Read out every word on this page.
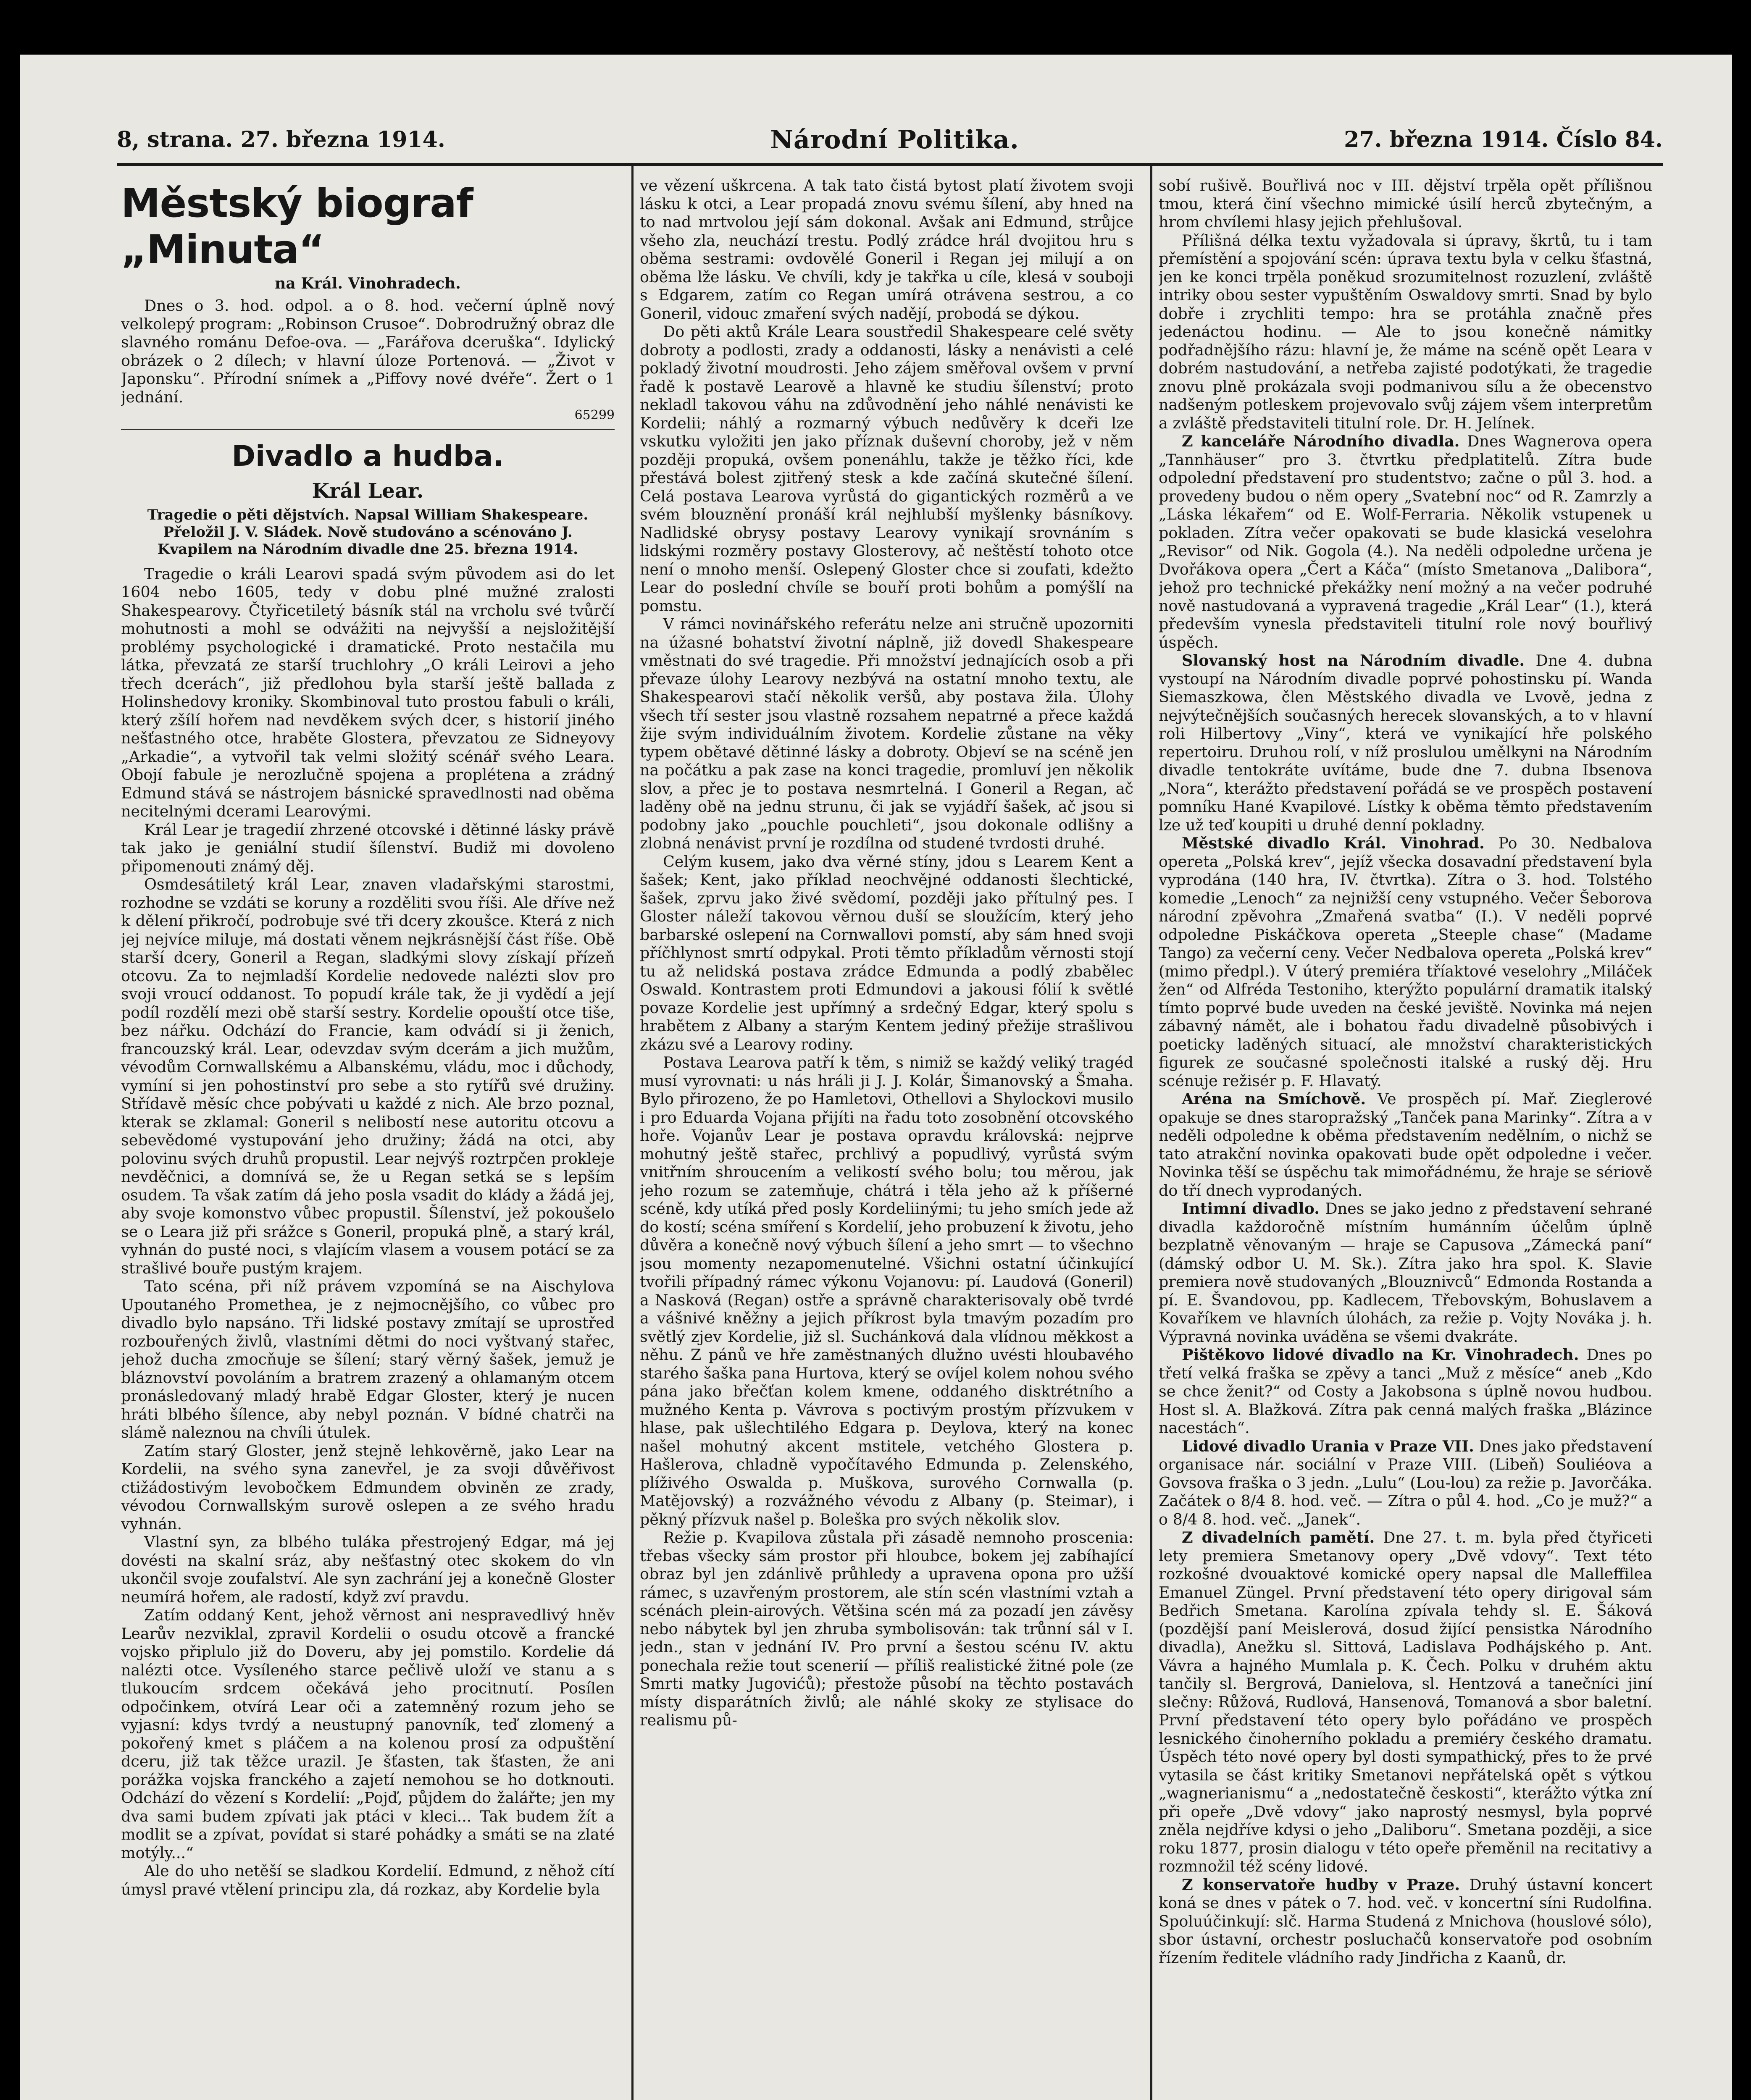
8, strana. 27. března 1914.	Národní Politika.	27. března 1914. Číslo 84.
Městský biograf „Minuta“
na Král. Vinohradech.

Dnes o 3. hod. odpol. a o 8. hod. večerní úplně nový velkolepý program: „Robinson Crusoe“. Dobrodružný obraz dle slavného románu Defoe-ova. — „Farářova dceruška“. Idylický obrázek o 2 dílech; v hlavní úloze Portenová. — „Život v Japonsku“. Přírodní snímek a „Piffovy nové dvéře“. Žert o 1 jednání.

65299
Divadlo a hudba.
Král Lear.
Tragedie o pěti dějstvích. Napsal William Shakespeare. Přeložil J. V. Sládek. Nově studováno a scénováno J. Kvapilem na Národním divadle dne 25. března 1914.

Tragedie o králi Learovi spadá svým původem asi do let 1604 nebo 1605, tedy v dobu plné mužné zralosti Shakespearovy. Čtyřicetiletý básník stál na vrcholu své tvůrčí mohutnosti a mohl se odvážiti na nejvyšší a nejsložitější problémy psychologické i dramatické. Proto nestačila mu látka, převzatá ze starší truchlohry „O králi Leirovi a jeho třech dcerách“, již předlohou byla starší ještě ballada z Holinshedovy kroniky. Skombinoval tuto prostou fabuli o králi, který zšílí hořem nad nevděkem svých dcer, s historií jiného nešťastného otce, hraběte Glostera, převzatou ze Sidneyovy „Arkadie“, a vytvořil tak velmi složitý scénář svého Leara. Obojí fabule je nerozlučně spojena a proplétena a zrádný Edmund stává se nástrojem básnické spravedlnosti nad oběma necitelnými dcerami Learovými.

Král Lear je tragedií zhrzené otcovské i dětinné lásky právě tak jako je geniální studií šílenství. Budiž mi dovoleno připomenouti známý děj.

Osmdesátiletý král Lear, znaven vladařskými starostmi, rozhodne se vzdáti se koruny a rozděliti svou říši. Ale dříve než k dělení přikročí, podrobuje své tři dcery zkoušce. Která z nich jej nejvíce miluje, má dostati věnem nejkrásnější část říše. Obě starší dcery, Goneril a Regan, sladkými slovy získají přízeň otcovu. Za to nejmladší Kordelie nedovede nalézti slov pro svoji vroucí oddanost. To popudí krále tak, že ji vydědí a její podíl rozdělí mezi obě starší sestry. Kordelie opouští otce tiše, bez nářku. Odchází do Francie, kam odvádí si ji ženich, francouzský král. Lear, odevzdav svým dcerám a jich mužům, vévodům Cornwallskému a Albanskému, vládu, moc i důchody, vymíní si jen pohostinství pro sebe a sto rytířů své družiny. Střídavě měsíc chce pobývati u každé z nich. Ale brzo poznal, kterak se zklamal: Goneril s nelibostí nese autoritu otcovu a sebevědomé vystupování jeho družiny; žádá na otci, aby polovinu svých druhů propustil. Lear nejvýš roztrpčen prokleje nevděčnici, a domnívá se, že u Regan setká se s lepším osudem. Ta však zatím dá jeho posla vsadit do klády a žádá jej, aby svoje komonstvo vůbec propustil. Šílenství, jež pokoušelo se o Leara již při srážce s Goneril, propuká plně, a starý král, vyhnán do pusté noci, s vlajícím vlasem a vousem potácí se za strašlivé bouře pustým krajem.

Tato scéna, při níž právem vzpomíná se na Aischylova Upoutaného Promethea, je z nejmocnějšího, co vůbec pro divadlo bylo napsáno. Tři lidské postavy zmítají se uprostřed rozbouřených živlů, vlastními dětmi do noci vyštvaný stařec, jehož ducha zmocňuje se šílení; starý věrný šašek, jemuž je bláznovství povoláním a bratrem zrazený a ohlamaným otcem pronásledovaný mladý hrabě Edgar Gloster, který je nucen hráti blbého šílence, aby nebyl poznán. V bídné chatrči na slámě naleznou na chvíli útulek.

Zatím starý Gloster, jenž stejně lehkověrně, jako Lear na Kordelii, na svého syna zanevřel, je za svoji důvěřivost ctižádostivým levobočkem Edmundem obviněn ze zrady, vévodou Cornwallským surově oslepen a ze svého hradu vyhnán.

Vlastní syn, za blbého tuláka přestrojený Edgar, má jej dovésti na skalní sráz, aby nešťastný otec skokem do vln ukončil svoje zoufalství. Ale syn zachrání jej a konečně Gloster neumírá hořem, ale radostí, když zví pravdu.

Zatím oddaný Kent, jehož věrnost ani nespravedlivý hněv Learův nezviklal, zpravil Kordelii o osudu otcově a francké vojsko připlulo již do Doveru, aby jej pomstilo. Kordelie dá nalézti otce. Vysíleného starce pečlivě uloží ve stanu a s tlukoucím srdcem očekává jeho procitnutí. Posílen odpočinkem, otvírá Lear oči a zatemněný rozum jeho se vyjasní: kdys tvrdý a neustupný panovník, teď zlomený a pokořený kmet s pláčem a na kolenou prosí za odpuštění dceru, již tak těžce urazil. Je šťasten, tak šťasten, že ani porážka vojska franckého a zajetí nemohou se ho dotknouti. Odchází do vězení s Kordelií: „Pojď, půjdem do žalářte; jen my dva sami budem zpívati jak ptáci v kleci... Tak budem žít a modlit se a zpívat, povídat si staré pohádky a smáti se na zlaté motýly...“

Ale do uho netěší se sladkou Kordelií. Edmund, z něhož cítí úmysl pravé vtělení principu zla, dá rozkaz, aby Kordelie byla

ve vězení uškrcena. A tak tato čistá bytost platí životem svoji lásku k otci, a Lear propadá znovu svému šílení, aby hned na to nad mrtvolou její sám dokonal. Avšak ani Edmund, strůjce všeho zla, neuchází trestu. Podlý zrádce hrál dvojitou hru s oběma sestrami: ovdovělé Goneril i Regan jej milují a on oběma lže lásku. Ve chvíli, kdy je takřka u cíle, klesá v souboji s Edgarem, zatím co Regan umírá otrávena sestrou, a co Goneril, vidouc zmaření svých nadějí, probodá se dýkou.

Do pěti aktů Krále Leara soustředil Shakespeare celé světy dobroty a podlosti, zrady a oddanosti, lásky a nenávisti a celé pokladý životní moudrosti. Jeho zájem směřoval ovšem v první řadě k postavě Learově a hlavně ke studiu šílenství; proto nekladl takovou váhu na zdůvodnění jeho náhlé nenávisti ke Kordelii; náhlý a rozmarný výbuch nedůvěry k dceři lze vskutku vyložiti jen jako příznak duševní choroby, jež v něm později propuká, ovšem ponenáhlu, takže je těžko říci, kde přestává bolest zjitřený stesk a kde začíná skutečné šílení. Celá postava Learova vyrůstá do gigantických rozměrů a ve svém blouznění pronáší král nejhlubší myšlenky básníkovy. Nadlidské obrysy postavy Learovy vynikají srovnáním s lidskými rozměry postavy Glosterovy, ač neštěstí tohoto otce není o mnoho menší. Oslepený Gloster chce si zoufati, kdežto Lear do poslední chvíle se bouří proti bohům a pomýšlí na pomstu.

V rámci novinářského referátu nelze ani stručně upozorniti na úžasné bohatství životní náplně, již dovedl Shakespeare vměstnati do své tragedie. Při množství jednajících osob a při převaze úlohy Learovy nezbývá na ostatní mnoho textu, ale Shakespearovi stačí několik veršů, aby postava žila. Úlohy všech tří sester jsou vlastně rozsahem nepatrné a přece každá žije svým individuálním životem. Kordelie zůstane na věky typem obětavé dětinné lásky a dobroty. Objeví se na scéně jen na počátku a pak zase na konci tragedie, promluví jen několik slov, a přec je to postava nesmrtelná. I Goneril a Regan, ač laděny obě na jednu strunu, či jak se vyjádří šašek, ač jsou si podobny jako „pouchle pouchleti“, jsou dokonale odlišny a zlobná nenávist první je rozdílna od studené tvrdosti druhé.

Celým kusem, jako dva věrné stíny, jdou s Learem Kent a šašek; Kent, jako příklad neochvějné oddanosti šlechtické, šašek, zprvu jako živé svědomí, později jako přítulný pes. I Gloster náleží takovou věrnou duší se sloužícím, který jeho barbarské oslepení na Cornwallovi pomstí, aby sám hned svoji příčhlynost smrtí odpykal. Proti těmto příkladům věrnosti stojí tu až nelidská postava zrádce Edmunda a podlý zbabělec Oswald. Kontrastem proti Edmundovi a jakousi fólií k světlé povaze Kordelie jest upřímný a srdečný Edgar, který spolu s hrabětem z Albany a starým Kentem jediný přežije strašlivou zkázu své a Learovy rodiny.

Postava Learova patří k těm, s nimiž se každý veliký tragéd musí vyrovnati: u nás hráli ji J. J. Kolár, Šimanovský a Šmaha. Bylo přirozeno, že po Hamletovi, Othellovi a Shylockovi musilo i pro Eduarda Vojana přijíti na řadu toto zosobnění otcovského hoře. Vojanův Lear je postava opravdu královská: nejprve mohutný ještě stařec, prchlivý a popudlivý, vyrůstá svým vnitřním shroucením a velikostí svého bolu; tou měrou, jak jeho rozum se zatemňuje, chátrá i těla jeho až k příšerné scéně, kdy utíká před posly Kordeliinými; tu jeho smích jede až do kostí; scéna smíření s Kordelií, jeho probuzení k životu, jeho důvěra a konečně nový výbuch šílení a jeho smrt — to všechno jsou momenty nezapomenutelné. Všichni ostatní účinkující tvořili případný rámec výkonu Vojanovu: pí. Laudová (Goneril) a Nasková (Regan) ostře a správně charakterisovaly obě tvrdé a vášnivé kněžny a jejich příkrost byla tmavým pozadím pro světlý zjev Kordelie, již sl. Suchánková dala vlídnou měkkost a něhu. Z pánů ve hře zaměstnaných dlužno uvésti hloubavého starého šaška pana Hurtova, který se ovíjel kolem nohou svého pána jako břečťan kolem kmene, oddaného disktrétního a mužného Kenta p. Vávrova s poctivým prostým přízvukem v hlase, pak ušlechtilého Edgara p. Deylova, který na konec našel mohutný akcent mstitele, vetchého Glostera p. Hašlerova, chladně vypočítavého Edmunda p. Zelenského, plíživého Oswalda p. Muškova, surového Cornwalla (p. Matějovský) a rozvážného vévodu z Albany (p. Steimar), i pěkný přízvuk našel p. Boleška pro svých několik slov.

Režie p. Kvapilova zůstala při zásadě nemnoho proscenia: třebas všecky sám prostor při hloubce, bokem jej zabíhající obraz byl jen zdánlivě průhledy a upravena opona pro užší rámec, s uzavřeným prostorem, ale stín scén vlastními vztah a scénách plein-airových. Většina scén má za pozadí jen závěsy nebo nábytek byl jen zhruba symbolisován: tak trůnní sál v I. jedn., stan v jednání IV. Pro první a šestou scénu IV. aktu ponechala režie tout scenerií — příliš realistické žitné pole (ze Smrti matky Jugovićů); přestože působí na těchto postavách místy disparátních živlů; ale náhlé skoky ze stylisace do realismu pů-

sobí rušivě. Bouřlivá noc v III. dějství trpěla opět přílišnou tmou, která činí všechno mimické úsilí herců zbytečným, a hrom chvílemi hlasy jejich přehlušoval.

Přílišná délka textu vyžadovala si úpravy, škrtů, tu i tam přemístění a spojování scén: úprava textu byla v celku šťastná, jen ke konci trpěla poněkud srozumitelnost rozuzlení, zvláště intriky obou sester vypuštěním Oswaldovy smrti. Snad by bylo dobře i zrychliti tempo: hra se protáhla značně přes jedenáctou hodinu. — Ale to jsou konečně námitky podřadnějšího rázu: hlavní je, že máme na scéně opět Leara v dobrém nastudování, a netřeba zajisté podotýkati, že tragedie znovu plně prokázala svoji podmanivou sílu a že obecenstvo nadšeným potleskem projevovalo svůj zájem všem interpretům a zvláště představiteli titulní role. Dr. H. Jelínek.

Z kanceláře Národního divadla. Dnes Wagnerova opera „Tannhäuser“ pro 3. čtvrtku předplatitelů. Zítra bude odpolední představení pro studentstvo; začne o půl 3. hod. a provedeny budou o něm opery „Svatební noc“ od R. Zamrzly a „Láska lékařem“ od E. Wolf-Ferraria. Několik vstupenek u pokladen. Zítra večer opakovati se bude klasická veselohra „Revisor“ od Nik. Gogola (4.). Na neděli odpoledne určena je Dvořákova opera „Čert a Káča“ (místo Smetanova „Dalibora“, jehož pro technické překážky není možný a na večer podruhé nově nastudovaná a vypravená tragedie „Král Lear“ (1.), která především vynesla představiteli titulní role nový bouřlivý úspěch.

Slovanský host na Národním divadle. Dne 4. dubna vystoupí na Národním divadle poprvé pohostinsku pí. Wanda Siemaszkowa, člen Městského divadla ve Lvově, jedna z nejvýtečnějších současných herecek slovanských, a to v hlavní roli Hilbertovy „Viny“, která ve vynikající hře polského repertoiru. Druhou rolí, v níž proslulou umělkyni na Národním divadle tentokráte uvítáme, bude dne 7. dubna Ibsenova „Nora“, kterážto představení pořádá se ve prospěch postavení pomníku Hané Kvapilové. Lístky k oběma těmto představením lze už teď koupiti u druhé denní pokladny.

Městské divadlo Král. Vinohrad. Po 30. Nedbalova opereta „Polská krev“, jejíž všecka dosavadní představení byla vyprodána (140 hra, IV. čtvrtka). Zítra o 3. hod. Tolstého komedie „Lenoch“ za nejnižší ceny vstupného. Večer Šeborova národní zpěvohra „Zmařená svatba“ (I.). V neděli poprvé odpoledne Piskáčkova opereta „Steeple chase“ (Madame Tango) za večerní ceny. Večer Nedbalova opereta „Polská krev“ (mimo předpl.). V úterý premiéra tříaktové veselohry „Miláček žen“ od Alfréda Testoniho, kterýžto populární dramatik italský tímto poprvé bude uveden na české jeviště. Novinka má nejen zábavný námět, ale i bohatou řadu divadelně působivých i poeticky laděných situací, ale množství charakteristických figurek ze současné společnosti italské a ruský děj. Hru scénuje režisér p. F. Hlavatý.

Aréna na Smíchově. Ve prospěch pí. Mař. Zieglerové opakuje se dnes staropražský „Tanček pana Marinky“. Zítra a v neděli odpoledne k oběma představením nedělním, o nichž se tato atrakční novinka opakovati bude opět odpoledne i večer. Novinka těší se úspěchu tak mimořádnému, že hraje se sériově do tří dnech vyprodaných.

Intimní divadlo. Dnes se jako jedno z představení sehrané divadla každoročně místním humánním účelům úplně bezplatně věnovaným — hraje se Capusova „Zámecká paní“ (dámský odbor U. M. Sk.). Zítra jako hra spol. K. Slavie premiera nově studovaných „Blouznivců“ Edmonda Rostanda a pí. E. Švandovou, pp. Kadlecem, Třebovským, Bohuslavem a Kovaříkem ve hlavních úlohách, za režie p. Vojty Nováka j. h. Výpravná novinka uváděna se všemi dvakráte.

Pištěkovo lidové divadlo na Kr. Vinohradech. Dnes po třetí velká fraška se zpěvy a tanci „Muž z měsíce“ aneb „Kdo se chce ženit?“ od Costy a Jakobsona s úplně novou hudbou. Host sl. A. Blažková. Zítra pak cenná malých fraška „Blázince nacestách“.

Lidové divadlo Urania v Praze VII. Dnes jako představení organisace nár. sociální v Praze VIII. (Libeň) Souliéova a Govsova fraška o 3 jedn. „Lulu“ (Lou-lou) za režie p. Javorčáka. Začátek o 8/4 8. hod. več. — Zítra o půl 4. hod. „Co je muž?“ a o 8/4 8. hod. več. „Janek“.

Z divadelních pamětí. Dne 27. t. m. byla před čtyřiceti lety premiera Smetanovy opery „Dvě vdovy“. Text této rozkošné dvouaktové komické opery napsal dle Malleffilea Emanuel Züngel. První představení této opery dirigoval sám Bedřich Smetana. Karolína zpívala tehdy sl. E. Šáková (pozdější paní Meislerová, dosud žijící pensistka Národního divadla), Anežku sl. Sittová, Ladislava Podhájského p. Ant. Vávra a hajného Mumlala p. K. Čech. Polku v druhém aktu tančily sl. Bergrová, Danielova, sl. Hentzová a tanečníci jiní slečny: Růžová, Rudlová, Hansenová, Tomanová a sbor baletní. První představení této opery bylo pořádáno ve prospěch lesnického činoherního pokladu a premiéry českého dramatu. Úspěch této nové opery byl dosti sympathický, přes to že prvé vytasila se část kritiky Smetanovi nepřátelská opět s výtkou „wagnerianismu“ a „nedostatečně českosti“, kterážto výtka zní při opeře „Dvě vdovy“ jako naprostý nesmysl, byla poprvé zněla nejdříve kdysi o jeho „Daliboru“. Smetana později, a sice roku 1877, prosin dialogu v této opeře přeměnil na recitativy a rozmnožil též scény lidové.

Z konservatoře hudby v Praze. Druhý ústavní koncert koná se dnes v pátek o 7. hod. več. v koncertní síni Rudolfina. Spoluúčinkují: slč. Harma Studená z Mnichova (houslové sólo), sbor ústavní, orchestr posluchačů konservatoře pod osobním řízením ředitele vládního rady Jindřicha z Kaanů, dr.
